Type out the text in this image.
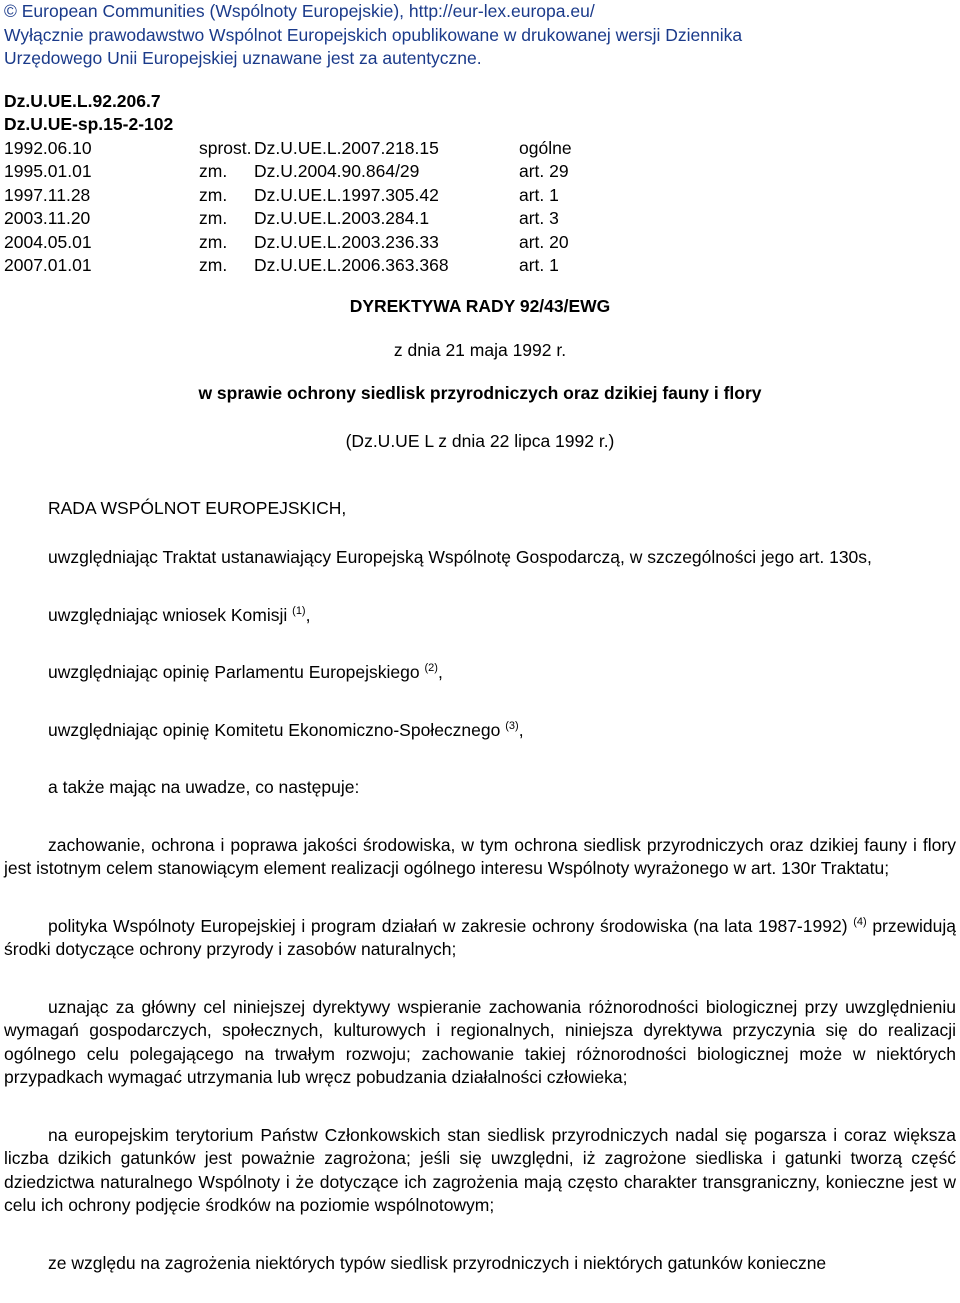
© European Communities (Wspólnoty Europejskie), http://eur-lex.europa.eu/

Wyłącznie prawodawstwo Wspólnot Europejskich opublikowane w drukowanej wersji Dziennika

Urzędowego Unii Europejskiej uznawane jest za autentyczne.

Dz.U.UE.L.92.206.7
Dz.U.UE-sp.15-2-102
1992.06.10	sprost.	Dz.U.UE.L.2007.218.15	ogólne
1995.01.01	zm.	Dz.U.2004.90.864/29	art. 29
1997.11.28	zm.	Dz.U.UE.L.1997.305.42	art. 1
2003.11.20	zm.	Dz.U.UE.L.2003.284.1	art. 3
2004.05.01	zm.	Dz.U.UE.L.2003.236.33	art. 20
2007.01.01	zm.	Dz.U.UE.L.2006.363.368	art. 1
DYREKTYWA RADY 92/43/EWG
z dnia 21 maja 1992 r.
w sprawie ochrony siedlisk przyrodniczych oraz dzikiej fauny i flory
(Dz.U.UE L z dnia 22 lipca 1992 r.)
RADA WSPÓLNOT EUROPEJSKICH,

uwzględniając Traktat ustanawiający Europejską Wspólnotę Gospodarczą, w szczególności jego art. 130s,

uwzględniając wniosek Komisji $^{(1)}$,

uwzględniając opinię Parlamentu Europejskiego $^{(2)}$,

uwzględniając opinię Komitetu Ekonomiczno-Społecznego $^{(3)}$,

a także mając na uwadze, co następuje:

zachowanie, ochrona i poprawa jakości środowiska, w tym ochrona siedlisk przyrodniczych oraz dzikiej fauny i flory jest istotnym celem stanowiącym element realizacji ogólnego interesu Wspólnoty wyrażonego w art. 130r Traktatu;

polityka Wspólnoty Europejskiej i program działań w zakresie ochrony środowiska (na lata 1987-1992) $^{(4)}$ przewidują środki dotyczące ochrony przyrody i zasobów naturalnych;

uznając za główny cel niniejszej dyrektywy wspieranie zachowania różnorodności biologicznej przy uwzględnieniu wymagań gospodarczych, społecznych, kulturowych i regionalnych, niniejsza dyrektywa przyczynia się do realizacji ogólnego celu polegającego na trwałym rozwoju; zachowanie takiej różnorodności biologicznej może w niektórych przypadkach wymagać utrzymania lub wręcz pobudzania działalności człowieka;

na europejskim terytorium Państw Członkowskich stan siedlisk przyrodniczych nadal się pogarsza i coraz większa liczba dzikich gatunków jest poważnie zagrożona; jeśli się uwzględni, iż zagrożone siedliska i gatunki tworzą część dziedzictwa naturalnego Wspólnoty i że dotyczące ich zagrożenia mają często charakter transgraniczny, konieczne jest w celu ich ochrony podjęcie środków na poziomie wspólnotowym;

ze względu na zagrożenia niektórych typów siedlisk przyrodniczych i niektórych gatunków konieczne
